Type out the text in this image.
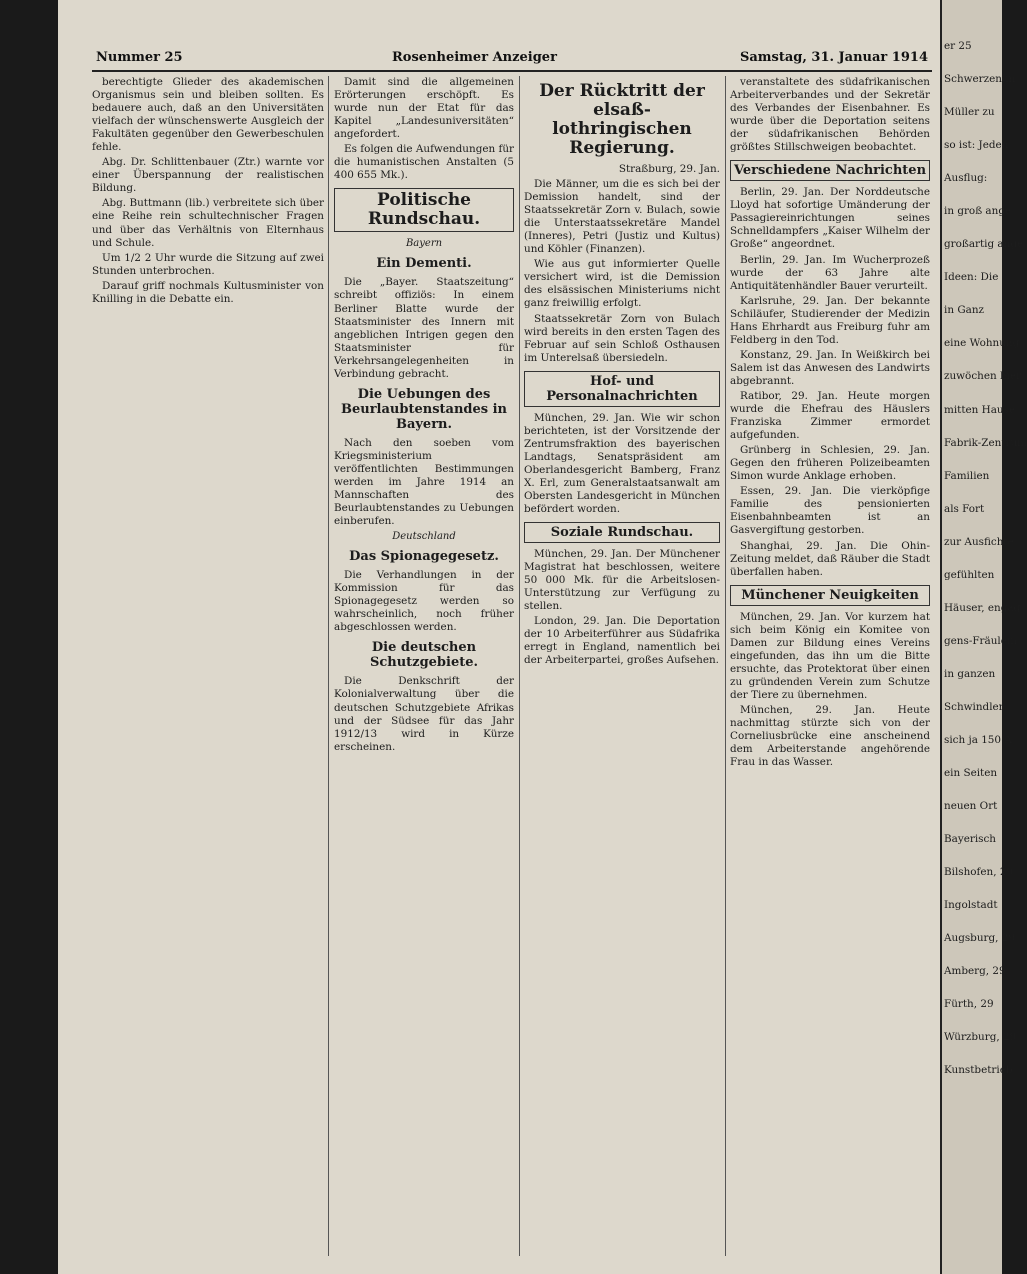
Nummer 25	Rosenheimer Anzeiger	Samstag, 31. Januar 1914

berechtigte Glieder des akademischen Organismus sein und bleiben sollten. Es bedauere auch, daß an den Universitäten vielfach der wünschenswerte Ausgleich der Fakultäten gegenüber den Gewerbeschulen fehle.

Abg. Dr. Schlittenbauer (Ztr.) warnte vor einer Überspannung der realistischen Bildung.

Abg. Buttmann (lib.) verbreitete sich über eine Reihe rein schultechnischer Fragen und über das Verhältnis von Elternhaus und Schule.

Um 1/2 2 Uhr wurde die Sitzung auf zwei Stunden unterbrochen.

Darauf griff nochmals Kultusminister von Knilling in die Debatte ein.

Damit sind die allgemeinen Erörterungen erschöpft. Es wurde nun der Etat für das Kapitel „Landesuniversitäten“ angefordert.

Es folgen die Aufwendungen für die humanistischen Anstalten (5 400 655 Mk.).

Politische Rundschau.
Bayern
Ein Dementi.

Die „Bayer. Staatszeitung“ schreibt offiziös: In einem Berliner Blatte wurde der Staatsminister des Innern mit angeblichen Intrigen gegen den Staatsminister für Verkehrsangelegenheiten in Verbindung gebracht.

Die Uebungen des Beurlaubtenstandes in Bayern.

Nach den soeben vom Kriegsministerium veröffentlichten Bestimmungen werden im Jahre 1914 an Mannschaften des Beurlaubtenstandes zu Uebungen einberufen.

Deutschland
Das Spionagegesetz.

Die Verhandlungen in der Kommission für das Spionagegesetz werden so wahrscheinlich, noch früher abgeschlossen werden.

Die deutschen Schutzgebiete.

Die Denkschrift der Kolonialverwaltung über die deutschen Schutzgebiete Afrikas und der Südsee für das Jahr 1912/13 wird in Kürze erscheinen.

Der Rücktritt der elsaß-lothringischen Regierung.

Straßburg, 29. Jan.

Die Männer, um die es sich bei der Demission handelt, sind der Staatssekretär Zorn v. Bulach, sowie die Unterstaatssekretäre Mandel (Inneres), Petri (Justiz und Kultus) und Köhler (Finanzen).

Wie aus gut informierter Quelle versichert wird, ist die Demission des elsässischen Ministeriums nicht ganz freiwillig erfolgt.

Staatssekretär Zorn von Bulach wird bereits in den ersten Tagen des Februar auf sein Schloß Osthausen im Unterelsaß übersiedeln.

Hof- und Personalnachrichten

München, 29. Jan. Wie wir schon berichteten, ist der Vorsitzende der Zentrumsfraktion des bayerischen Landtags, Senatspräsident am Oberlandesgericht Bamberg, Franz X. Erl, zum Generalstaatsanwalt am Obersten Landesgericht in München befördert worden.

Soziale Rundschau.

München, 29. Jan. Der Münchener Magistrat hat beschlossen, weitere 50 000 Mk. für die Arbeitslosen-Unterstützung zur Verfügung zu stellen.

London, 29. Jan. Die Deportation der 10 Arbeiterführer aus Südafrika erregt in England, namentlich bei der Arbeiterpartei, großes Aufsehen.

veranstaltete des südafrikanischen Arbeiterverbandes und der Sekretär des Verbandes der Eisenbahner. Es wurde über die Deportation seitens der südafrikanischen Behörden größtes Stillschweigen beobachtet.

Verschiedene Nachrichten

Berlin, 29. Jan. Der Norddeutsche Lloyd hat sofortige Umänderung der Passagiereinrichtungen seines Schnelldampfers „Kaiser Wilhelm der Große“ angeordnet.

Berlin, 29. Jan. Im Wucherprozeß wurde der 63 Jahre alte Antiquitätenhändler Bauer verurteilt.

Karlsruhe, 29. Jan. Der bekannte Schiläufer, Studierender der Medizin Hans Ehrhardt aus Freiburg fuhr am Feldberg in den Tod.

Konstanz, 29. Jan. In Weißkirch bei Salem ist das Anwesen des Landwirts abgebrannt.

Ratibor, 29. Jan. Heute morgen wurde die Ehefrau des Häuslers Franziska Zimmer ermordet aufgefunden.

Grünberg in Schlesien, 29. Jan. Gegen den früheren Polizeibeamten Simon wurde Anklage erhoben.

Essen, 29. Jan. Die vierköpfige Familie des pensionierten Eisenbahnbeamten ist an Gasvergiftung gestorben.

Shanghai, 29. Jan. Die Ohin-Zeitung meldet, daß Räuber die Stadt überfallen haben.

Münchener Neuigkeiten

München, 29. Jan. Vor kurzem hat sich beim König ein Komitee von Damen zur Bildung eines Vereins eingefunden, das ihn um die Bitte ersuchte, das Protektorat über einen zu gründenden Verein zum Schutze der Tiere zu übernehmen.

München, 29. Jan. Heute nachmittag stürzte sich von der Corneliusbrücke eine anscheinend dem Arbeiterstande angehörende Frau in das Wasser.

er 25
Schwerzen in
Müller zu
so ist: Jeden
Ausflug:
in groß ange
großartig ange
Ideen: Die
in Ganz
eine Wohnung
zuwöchen hier
mitten Hause
Fabrik-Zentrum
Familien
als Fort
zur Ausfichte
gefühlten
Häuser, engag
gens-Fräulein
in ganzen
Schwindler
sich ja 150 A
ein Seiten
neuen Ort
Bayerisch
Bilshofen, 29
Ingolstadt
Augsburg, 29
Amberg, 29
Fürth, 29
Würzburg, 29
Kunstbetrieb
